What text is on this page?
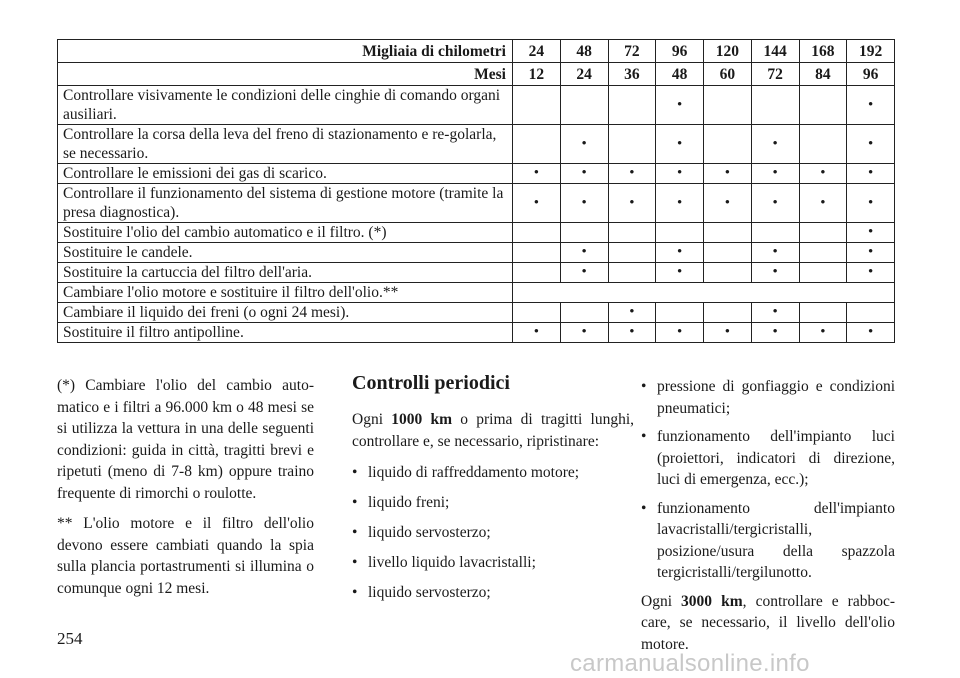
Migliaia di chilometri	24	48	72	96	120	144	168	192
Mesi	12	24	36	48	60	72	84	96
Controllare visivamente le condizioni delle cinghie di comando organi ausiliari.				•				•
Controllare la corsa della leva del freno di stazionamento e re-golarla, se necessario.		•		•		•		•
Controllare le emissioni dei gas di scarico.	•	•	•	•	•	•	•	•
Controllare il funzionamento del sistema di gestione motore (tramite la presa diagnostica).	•	•	•	•	•	•	•	•
Sostituire l'olio del cambio automatico e il filtro. (*)								•
Sostituire le candele.		•		•		•		•
Sostituire la cartuccia del filtro dell'aria.		•		•		•		•
Cambiare l'olio motore e sostituire il filtro dell'olio.**								
Cambiare il liquido dei freni (o ogni 24 mesi).			•			•		
Sostituire il filtro antipolline.	•	•	•	•	•	•	•	•

(*) Cambiare l'olio del cambio auto-matico e i filtri a 96.000 km o 48 mesi se si utilizza la vettura in una delle seguenti condizioni: guida in città, tragitti brevi e ripetuti (meno di 7-8 km) oppure traino frequente di rimorchi o roulotte.

** L'olio motore e il filtro dell'olio devono essere cambiati quando la spia sulla plancia portastrumenti si illumina o comunque ogni 12 mesi.

Controlli periodici

Ogni 1000 km o prima di tragitti lunghi, controllare e, se necessario, ripristinare:

• liquido di raffreddamento motore;
• liquido freni;
• liquido servosterzo;
• livello liquido lavacristalli;
• liquido servosterzo;
• pressione di gonfiaggio e condizioni pneumatici;
• funzionamento dell'impianto luci (proiettori, indicatori di direzione, luci di emergenza, ecc.);
• funzionamento dell'impianto lavacristalli/tergicristalli, posizione/usura della spazzola tergicristalli/tergilunotto.

Ogni 3000 km, controllare e rabboc-care, se necessario, il livello dell'olio motore.

254
carmanualsonline.info
